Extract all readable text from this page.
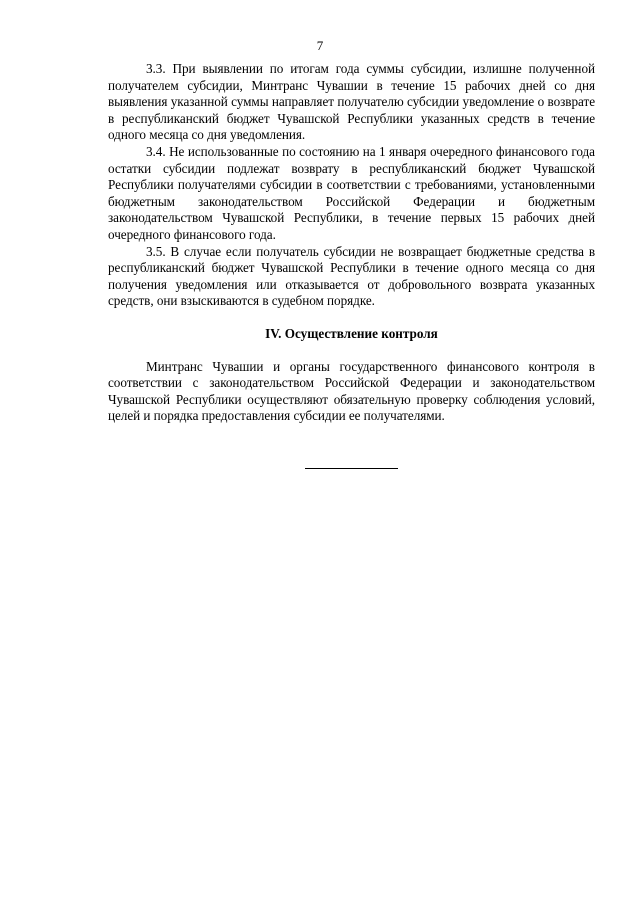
7

3.3. При выявлении по итогам года суммы субсидии, излишне полученной получателем субсидии, Минтранс Чувашии в течение 15 рабочих дней со дня выявления указанной суммы направляет получателю субсидии уведомление о возврате в республиканский бюджет Чувашской Республики указанных средств в течение одного месяца со дня уведомления.

3.4. Не использованные по состоянию на 1 января очередного финансового года остатки субсидии подлежат возврату в республиканский бюджет Чувашской Республики получателями субсидии в соответствии с требованиями, установленными бюджетным законодательством Российской Федерации и бюджетным законодательством Чувашской Республики, в течение первых 15 рабочих дней очередного финансового года.

3.5. В случае если получатель субсидии не возвращает бюджетные средства в республиканский бюджет Чувашской Республики в течение одного месяца со дня получения уведомления или отказывается от добровольного возврата указанных средств, они взыскиваются в судебном порядке.

IV. Осуществление контроля

Минтранс Чувашии и органы государственного финансового контроля в соответствии с законодательством Российской Федерации и законодательством Чувашской Республики осуществляют обязательную проверку соблюдения условий, целей и порядка предоставления субсидии ее получателями.
